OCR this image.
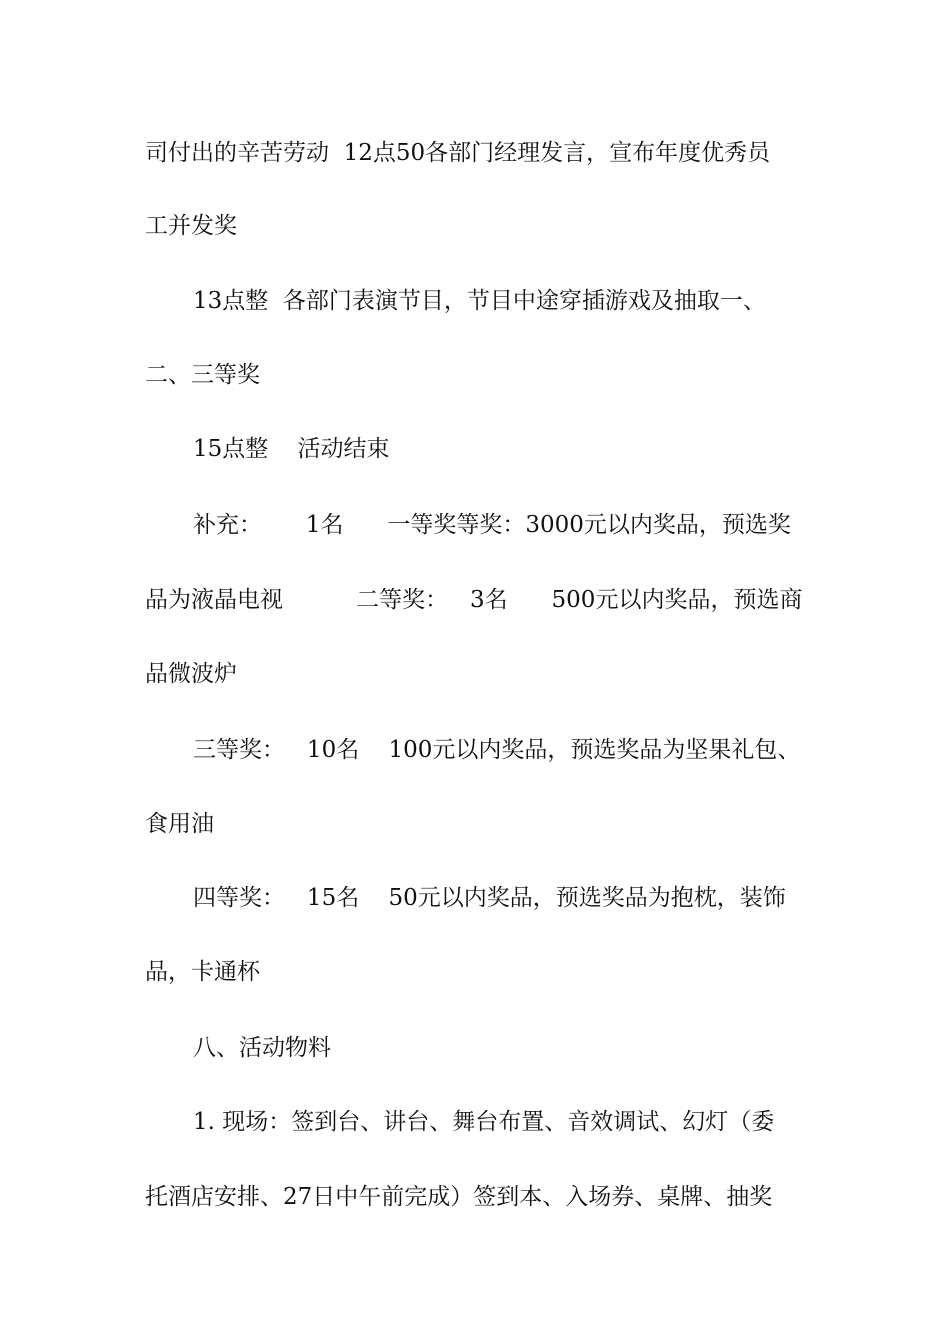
司付出的辛苦劳动  12点50各部门经理发言，宣布年度优秀员
工并发奖
13点整  各部门表演节目，节目中途穿插游戏及抽取一、
二、三等奖
15点整    活动结束
补充：      1名      一等奖等奖：3000元以内奖品，预选奖
品为液晶电视          二等奖：   3名      500元以内奖品，预选商
品微波炉
三等奖：   10名    100元以内奖品，预选奖品为坚果礼包、
食用油
四等奖：   15名    50元以内奖品，预选奖品为抱枕，装饰
品，卡通杯
八、活动物料
1. 现场：签到台、讲台、舞台布置、音效调试、幻灯（委
托酒店安排、27日中午前完成）签到本、入场券、桌牌、抽奖
